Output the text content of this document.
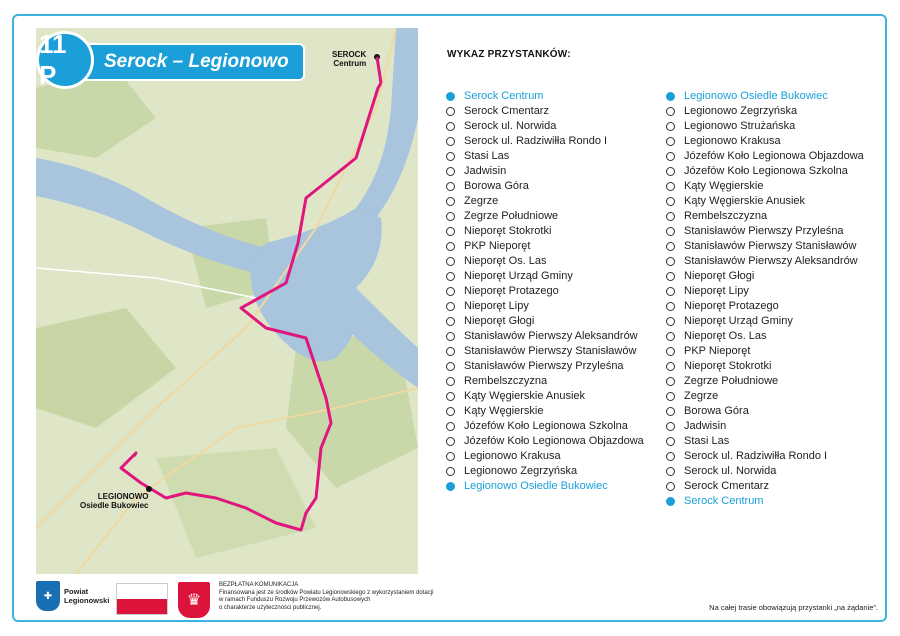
11 P	Serock – Legionowo	SEROCK
Centrum
LEGIONOWO
Osiedle Bukowiec
WYKAZ PRZYSTANKÓW:
Serock Centrum
Serock Cmentarz
Serock ul. Norwida
Serock ul. Radziwiłła Rondo I
Stasi Las
Jadwisin
Borowa Góra
Zegrze
Zegrze Południowe
Nieporęt Stokrotki
PKP Nieporęt
Nieporęt Os. Las
Nieporęt Urząd Gminy
Nieporęt Protazego
Nieporęt Lipy
Nieporęt Głogi
Stanisławów Pierwszy Aleksandrów
Stanisławów Pierwszy Stanisławów
Stanisławów Pierwszy Przyleśna
Rembelszczyzna
Kąty Węgierskie Anusiek
Kąty Węgierskie
Józefów Koło Legionowa Szkolna
Józefów Koło Legionowa Objazdowa
Legionowo Krakusa
Legionowo Zegrzyńska
Legionowo Osiedle Bukowiec
Legionowo Osiedle Bukowiec
Legionowo Zegrzyńska
Legionowo Strużańska
Legionowo Krakusa
Józefów Koło Legionowa Objazdowa
Józefów Koło Legionowa Szkolna
Kąty Węgierskie
Kąty Węgierskie Anusiek
Rembelszczyzna
Stanisławów Pierwszy Przyleśna
Stanisławów Pierwszy Stanisławów
Stanisławów Pierwszy Aleksandrów
Nieporęt Głogi
Nieporęt Lipy
Nieporęt Protazego
Nieporęt Urząd Gminy
Nieporęt Os. Las
PKP Nieporęt
Nieporęt Stokrotki
Zegrze Południowe
Zegrze
Borowa Góra
Jadwisin
Stasi Las
Serock ul. Radziwiłła Rondo I
Serock ul. Norwida
Serock Cmentarz
Serock Centrum
✚	Powiat
Legionowski	♛
BEZPŁATNA KOMUNIKACJA
Finansowana jest ze środków Powiatu Legionowskiego z wykorzystaniem dotacji
w ramach Funduszu Rozwoju Przewozów Autobusowych
o charakterze użyteczności publicznej.	Na całej trasie obowiązują przystanki „na żądanie”.
